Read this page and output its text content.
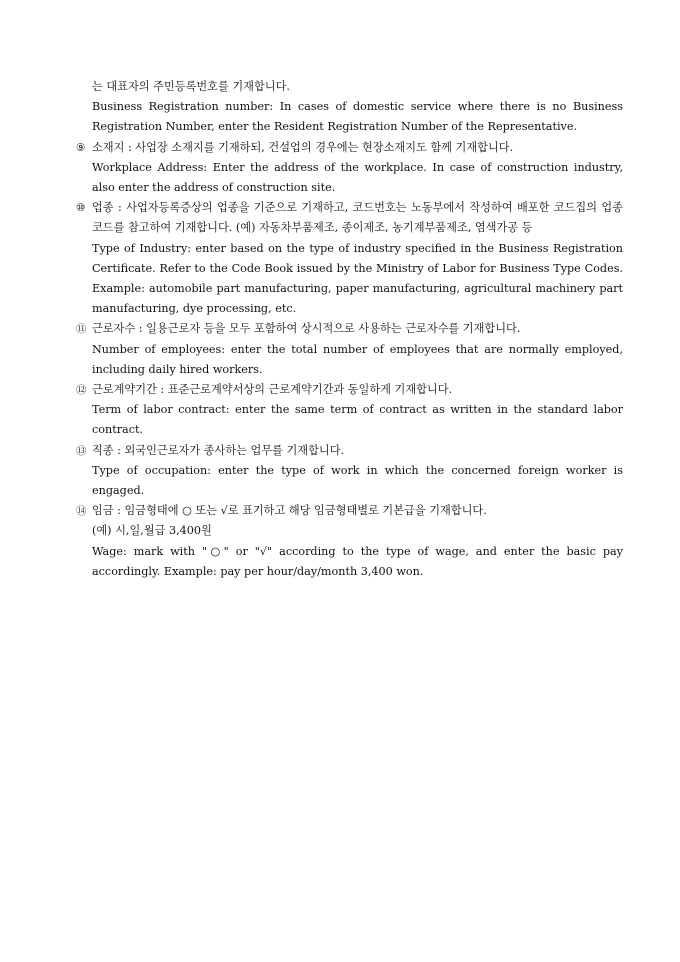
는 대표자의 주민등록번호를 기재합니다.
Business Registration number: In cases of domestic service where there is no Business Registration Number, enter the Resident Registration Number of the Representative.
⑨ 소재지 : 사업장 소재지를 기재하되, 건설업의 경우에는 현장소재지도 함께 기재합니다.
Workplace Address: Enter the address of the workplace. In case of construction industry, also enter the address of construction site.
⑩ 업종 : 사업자등록증상의 업종을 기준으로 기재하고, 코드번호는 노동부에서 작성하여 배포한 코드집의 업종코드를 참고하여 기재합니다. (예) 자동차부품제조, 종이제조, 농기계부품제조, 염색가공 등
Type of Industry: enter based on the type of industry specified in the Business Registration Certificate. Refer to the Code Book issued by the Ministry of Labor for Business Type Codes. Example: automobile part manufacturing, paper manufacturing, agricultural machinery part manufacturing, dye processing, etc.
⑪ 근로자수 : 일용근로자 등을 모두 포함하여 상시적으로 사용하는 근로자수를 기재합니다.
Number of employees: enter the total number of employees that are normally employed, including daily hired workers.
⑫ 근로계약기간 : 표준근로계약서상의 근로계약기간과 동일하게 기재합니다.
Term of labor contract: enter the same term of contract as written in the standard labor contract.
⑬ 직종 : 외국인근로자가 종사하는 업무를 기재합니다.
Type of occupation: enter the type of work in which the concerned foreign worker is engaged.
⑭ 임금 : 임금형태에 ○ 또는 √로 표기하고 해당 임금형태별로 기본급을 기재합니다.
(예) 시,일,월급 3,400원
Wage: mark with "○" or "√" according to the type of wage, and enter the basic pay accordingly. Example: pay per hour/day/month 3,400 won.
